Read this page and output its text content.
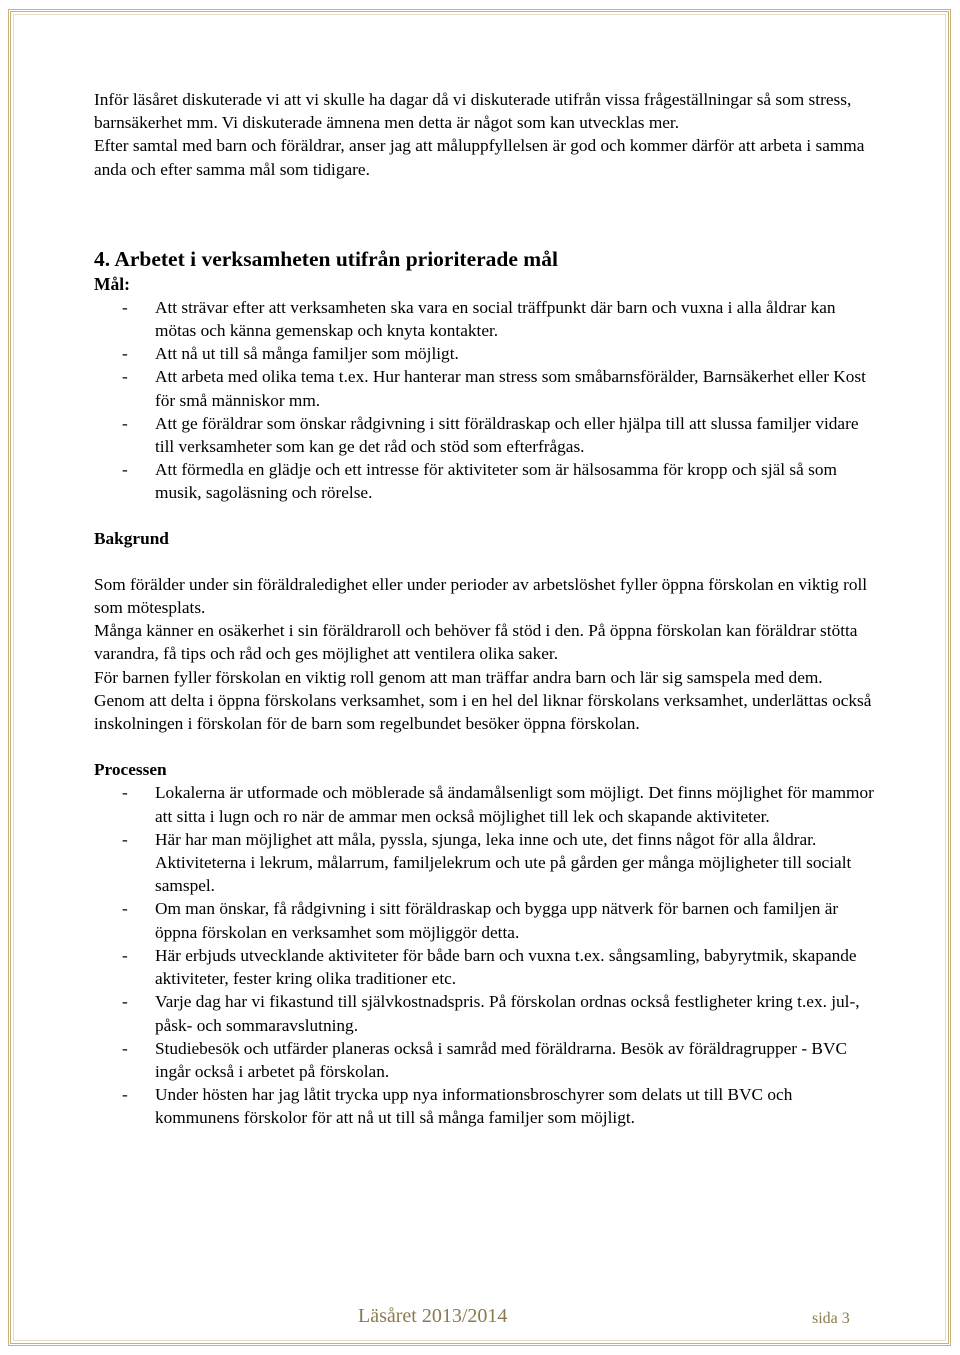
Inför läsåret diskuterade vi att vi skulle ha dagar då vi diskuterade utifrån vissa frågeställningar så som stress, barnsäkerhet mm. Vi diskuterade ämnena men detta är något som kan utvecklas mer.

Efter samtal med barn och föräldrar, anser jag att måluppfyllelsen är god och kommer därför att arbeta i samma anda och efter samma mål som tidigare.

4. Arbetet i verksamheten utifrån prioriterade mål

Mål:

- Att strävar efter att verksamheten ska vara en social träffpunkt där barn och vuxna i alla åldrar kan mötas och känna gemenskap och knyta kontakter.
- Att nå ut till så många familjer som möjligt.
- Att arbeta med olika tema t.ex. Hur hanterar man stress som småbarnsförälder, Barnsäkerhet eller Kost för små människor mm.
- Att ge föräldrar som önskar rådgivning i sitt föräldraskap och eller hjälpa till att slussa familjer vidare till verksamheter som kan ge det råd och stöd som efterfrågas.
- Att förmedla en glädje och ett intresse för aktiviteter som är hälsosamma för kropp och själ så som musik, sagoläsning och rörelse.

Bakgrund

Som förälder under sin föräldraledighet eller under perioder av arbetslöshet fyller öppna förskolan en viktig roll som mötesplats.

Många känner en osäkerhet i sin föräldraroll och behöver få stöd i den. På öppna förskolan kan föräldrar stötta varandra, få tips och råd och ges möjlighet att ventilera olika saker.

För barnen fyller förskolan en viktig roll genom att man träffar andra barn och lär sig samspela med dem. Genom att delta i öppna förskolans verksamhet, som i en hel del liknar förskolans verksamhet, underlättas också inskolningen i förskolan för de barn som regelbundet besöker öppna förskolan.

Processen

- Lokalerna är utformade och möblerade så ändamålsenligt som möjligt. Det finns möjlighet för mammor att sitta i lugn och ro när de ammar men också möjlighet till lek och skapande aktiviteter.
- Här har man möjlighet att måla, pyssla, sjunga, leka inne och ute, det finns något för alla åldrar. Aktiviteterna i lekrum, målarrum, familjelekrum och ute på gården ger många möjligheter till socialt samspel.
- Om man önskar, få rådgivning i sitt föräldraskap och bygga upp nätverk för barnen och familjen är öppna förskolan en verksamhet som möjliggör detta.
- Här erbjuds utvecklande aktiviteter för både barn och vuxna t.ex. sångsamling, babyrytmik, skapande aktiviteter, fester kring olika traditioner etc.
- Varje dag har vi fikastund till självkostnadspris. På förskolan ordnas också festligheter kring t.ex. jul-, påsk- och sommaravslutning.
- Studiebesök och utfärder planeras också i samråd med föräldrarna. Besök av föräldragrupper - BVC ingår också i arbetet på förskolan.
- Under hösten har jag låtit trycka upp nya informationsbroschyrer som delats ut till BVC och kommunens förskolor för att nå ut till så många familjer som möjligt.
Läsåret 2013/2014	sida 3
